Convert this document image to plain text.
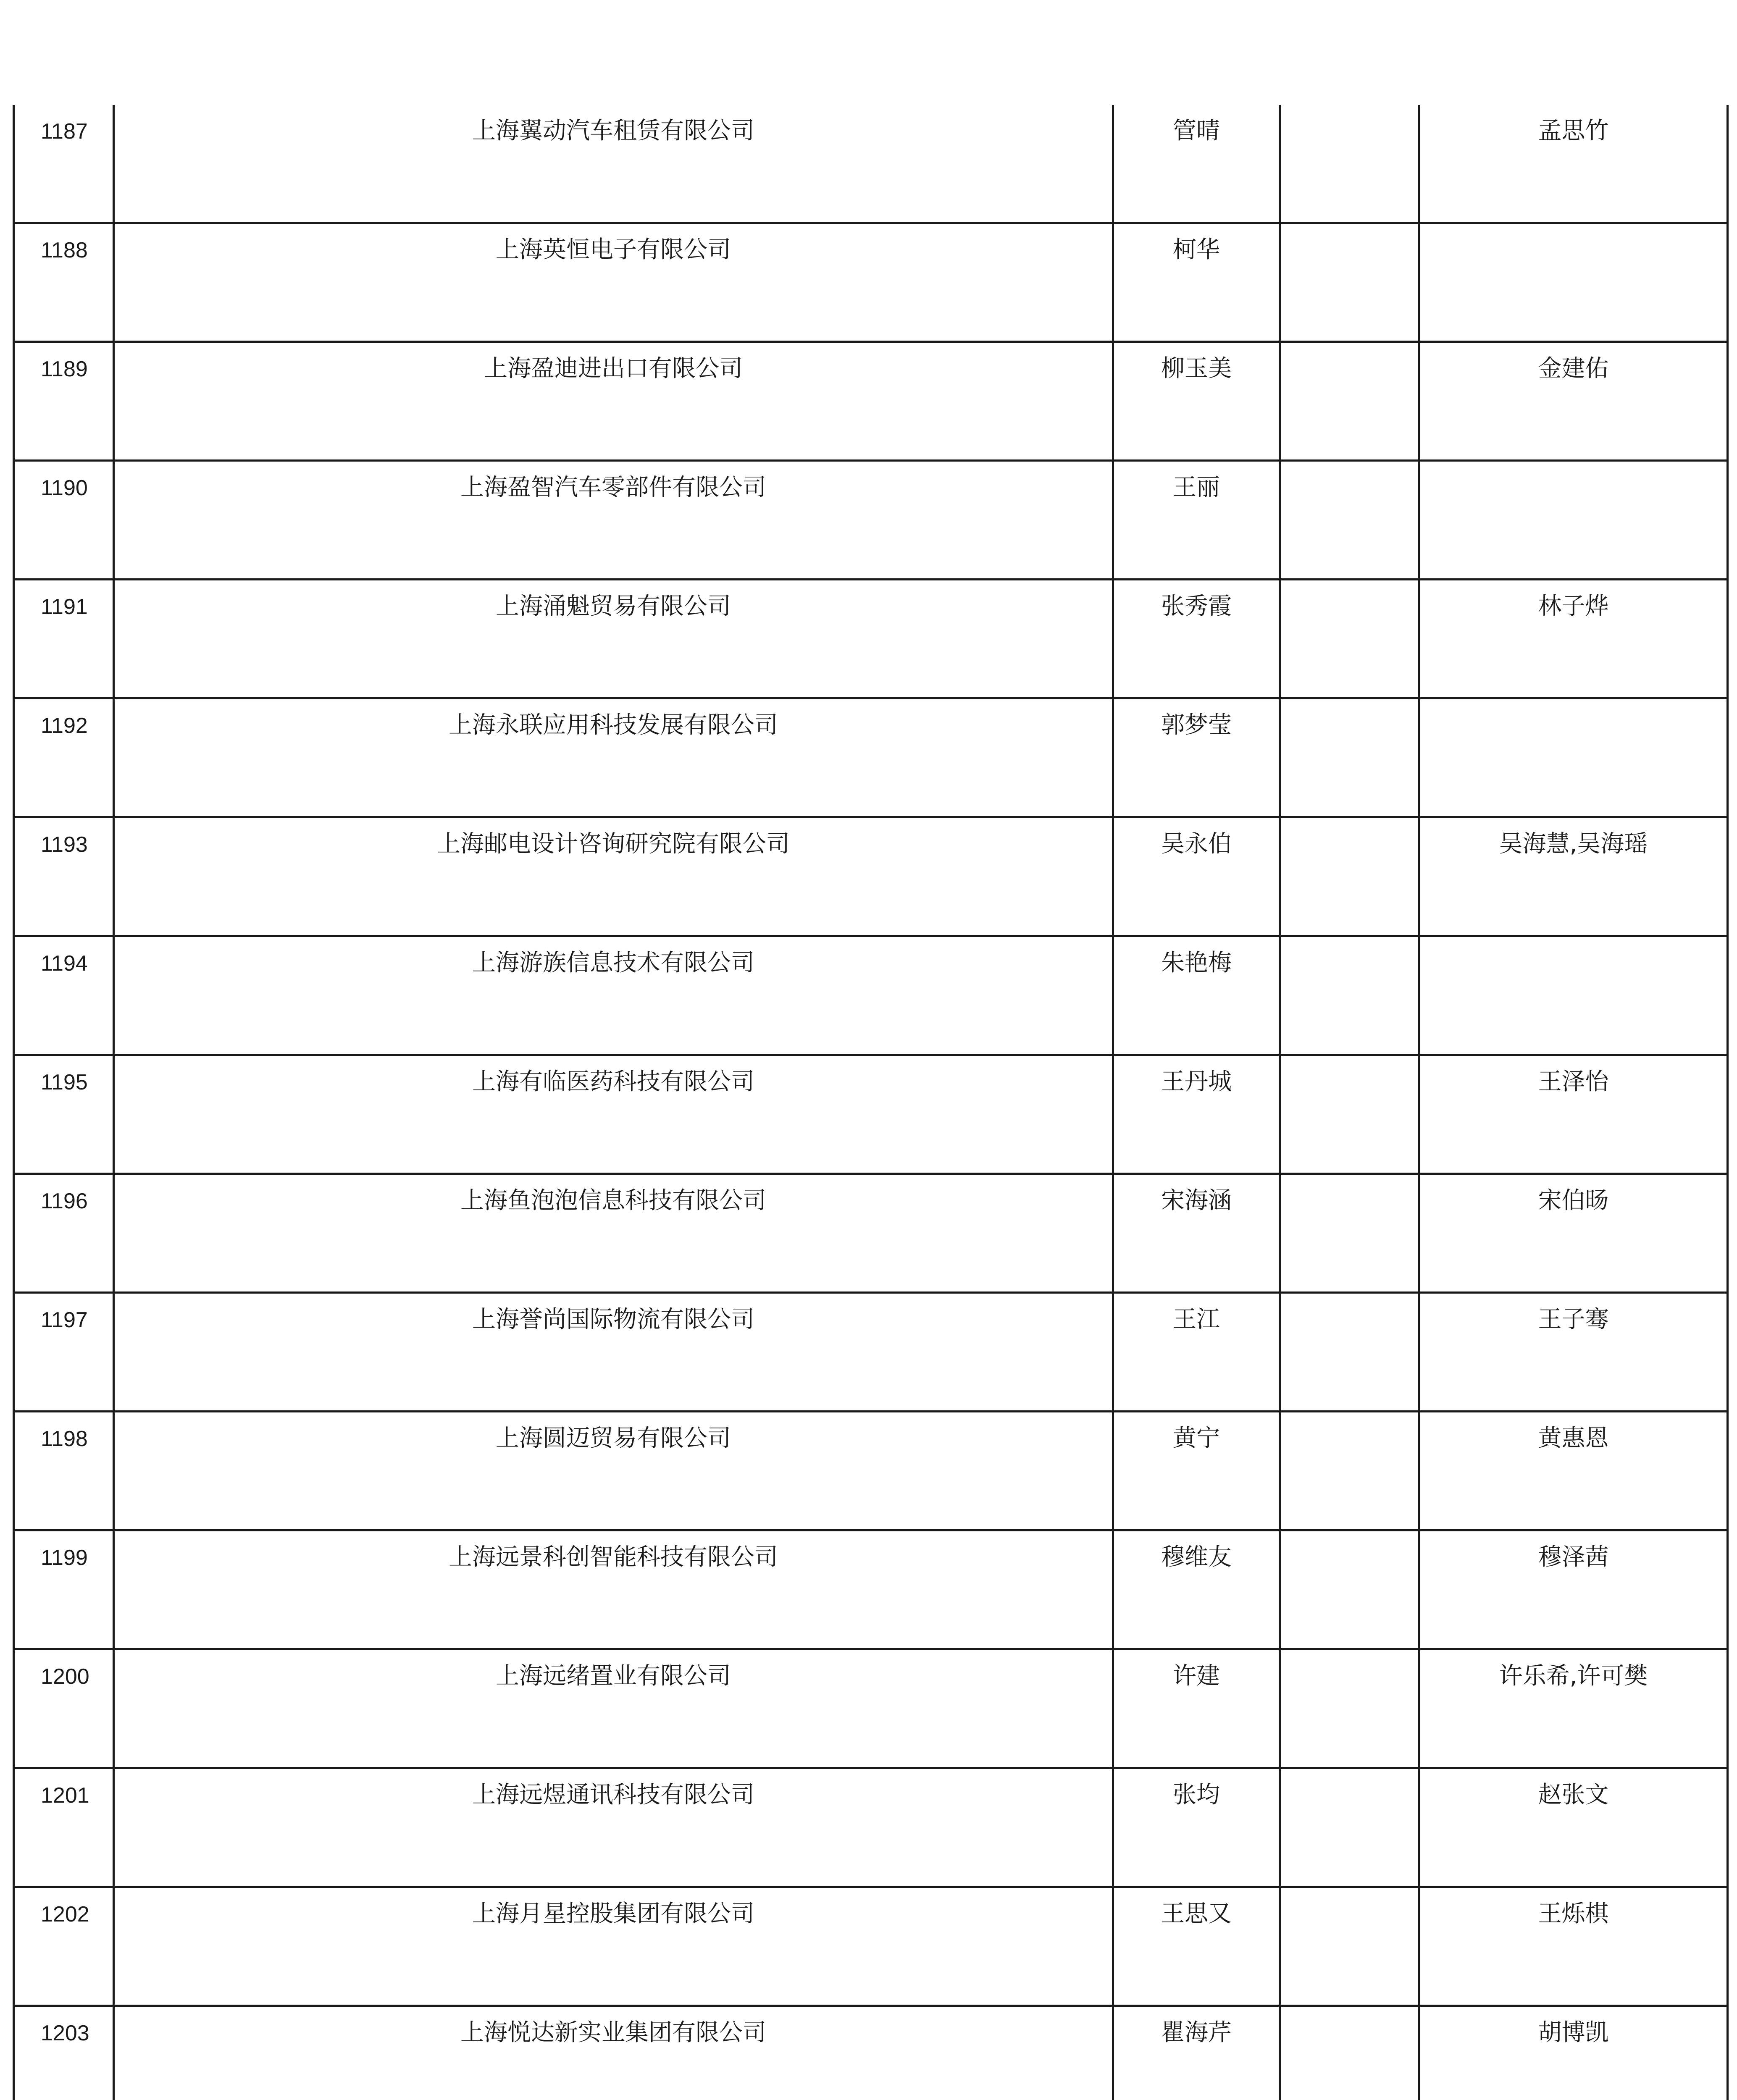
1187	上海翼动汽车租赁有限公司	管晴		孟思竹
1188	上海英恒电子有限公司	柯华		
1189	上海盈迪进出口有限公司	柳玉美		金建佑
1190	上海盈智汽车零部件有限公司	王丽		
1191	上海涌魁贸易有限公司	张秀霞		林子烨
1192	上海永联应用科技发展有限公司	郭梦莹		
1193	上海邮电设计咨询研究院有限公司	吴永伯		吴海慧,吴海瑶
1194	上海游族信息技术有限公司	朱艳梅		
1195	上海有临医药科技有限公司	王丹城		王泽怡
1196	上海鱼泡泡信息科技有限公司	宋海涵		宋伯旸
1197	上海誉尚国际物流有限公司	王江		王子骞
1198	上海圆迈贸易有限公司	黄宁		黄惠恩
1199	上海远景科创智能科技有限公司	穆维友		穆泽茜
1200	上海远绪置业有限公司	许建		许乐希,许可樊
1201	上海远煜通讯科技有限公司	张均		赵张文
1202	上海月星控股集团有限公司	王思又		王烁棋
1203	上海悦达新实业集团有限公司	瞿海芹		胡博凯
